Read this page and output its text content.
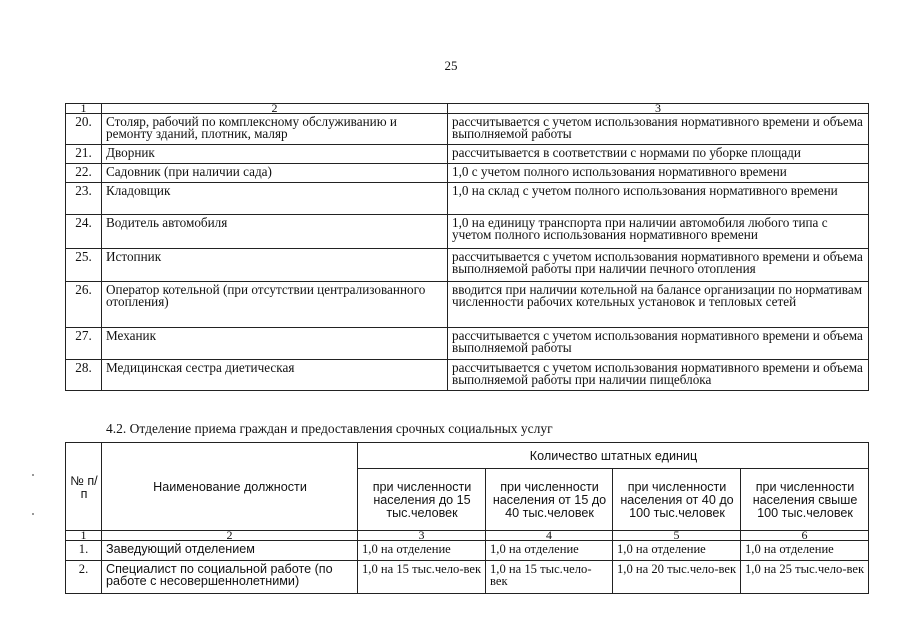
25
1	2	3
20.	Столяр, рабочий по комплексному обслуживанию и ремонту зданий, плотник, маляр	рассчитывается с учетом использования нормативного времени и объема выполняемой работы
21.	Дворник	рассчитывается в соответствии с нормами по уборке площади
22.	Садовник (при наличии сада)	1,0 с учетом полного использования нормативного времени
23.	Кладовщик	1,0 на склад с учетом полного использования нормативного времени
24.	Водитель автомобиля	1,0 на единицу транспорта при наличии автомобиля любого типа с учетом полного использования нормативного времени
25.	Истопник	рассчитывается с учетом использования нормативного времени и объема выполняемой работы при наличии печного отопления
26.	Оператор котельной (при отсутствии централизованного отопления)	вводится при наличии котельной на балансе организации по нормативам численности рабочих котельных установок и тепловых сетей
27.	Механик	рассчитывается с учетом использования нормативного времени и объема выполняемой работы
28.	Медицинская сестра диетическая	рассчитывается с учетом использования нормативного времени и объема выполняемой работы при наличии пищеблока
4.2. Отделение приема граждан и предоставления срочных социальных услуг
№ п/п	Наименование должности	Количество штатных единиц			
		при численности населения до 15 тыс.человек	при численности населения от 15 до 40 тыс.человек	при численности населения от 40 до 100 тыс.человек	при численности населения свыше 100 тыс.человек
1	2	3	4	5	6
1.	Заведующий отделением	1,0 на отделение	1,0 на отделение	1,0 на отделение	1,0 на отделение
2.	Специалист по социальной работе (по работе с несовершеннолетними)	1,0 на 15 тыс.чело-век	1,0 на 15 тыс.чело-век	1,0 на 20 тыс.чело-век	1,0 на 25 тыс.чело-век
